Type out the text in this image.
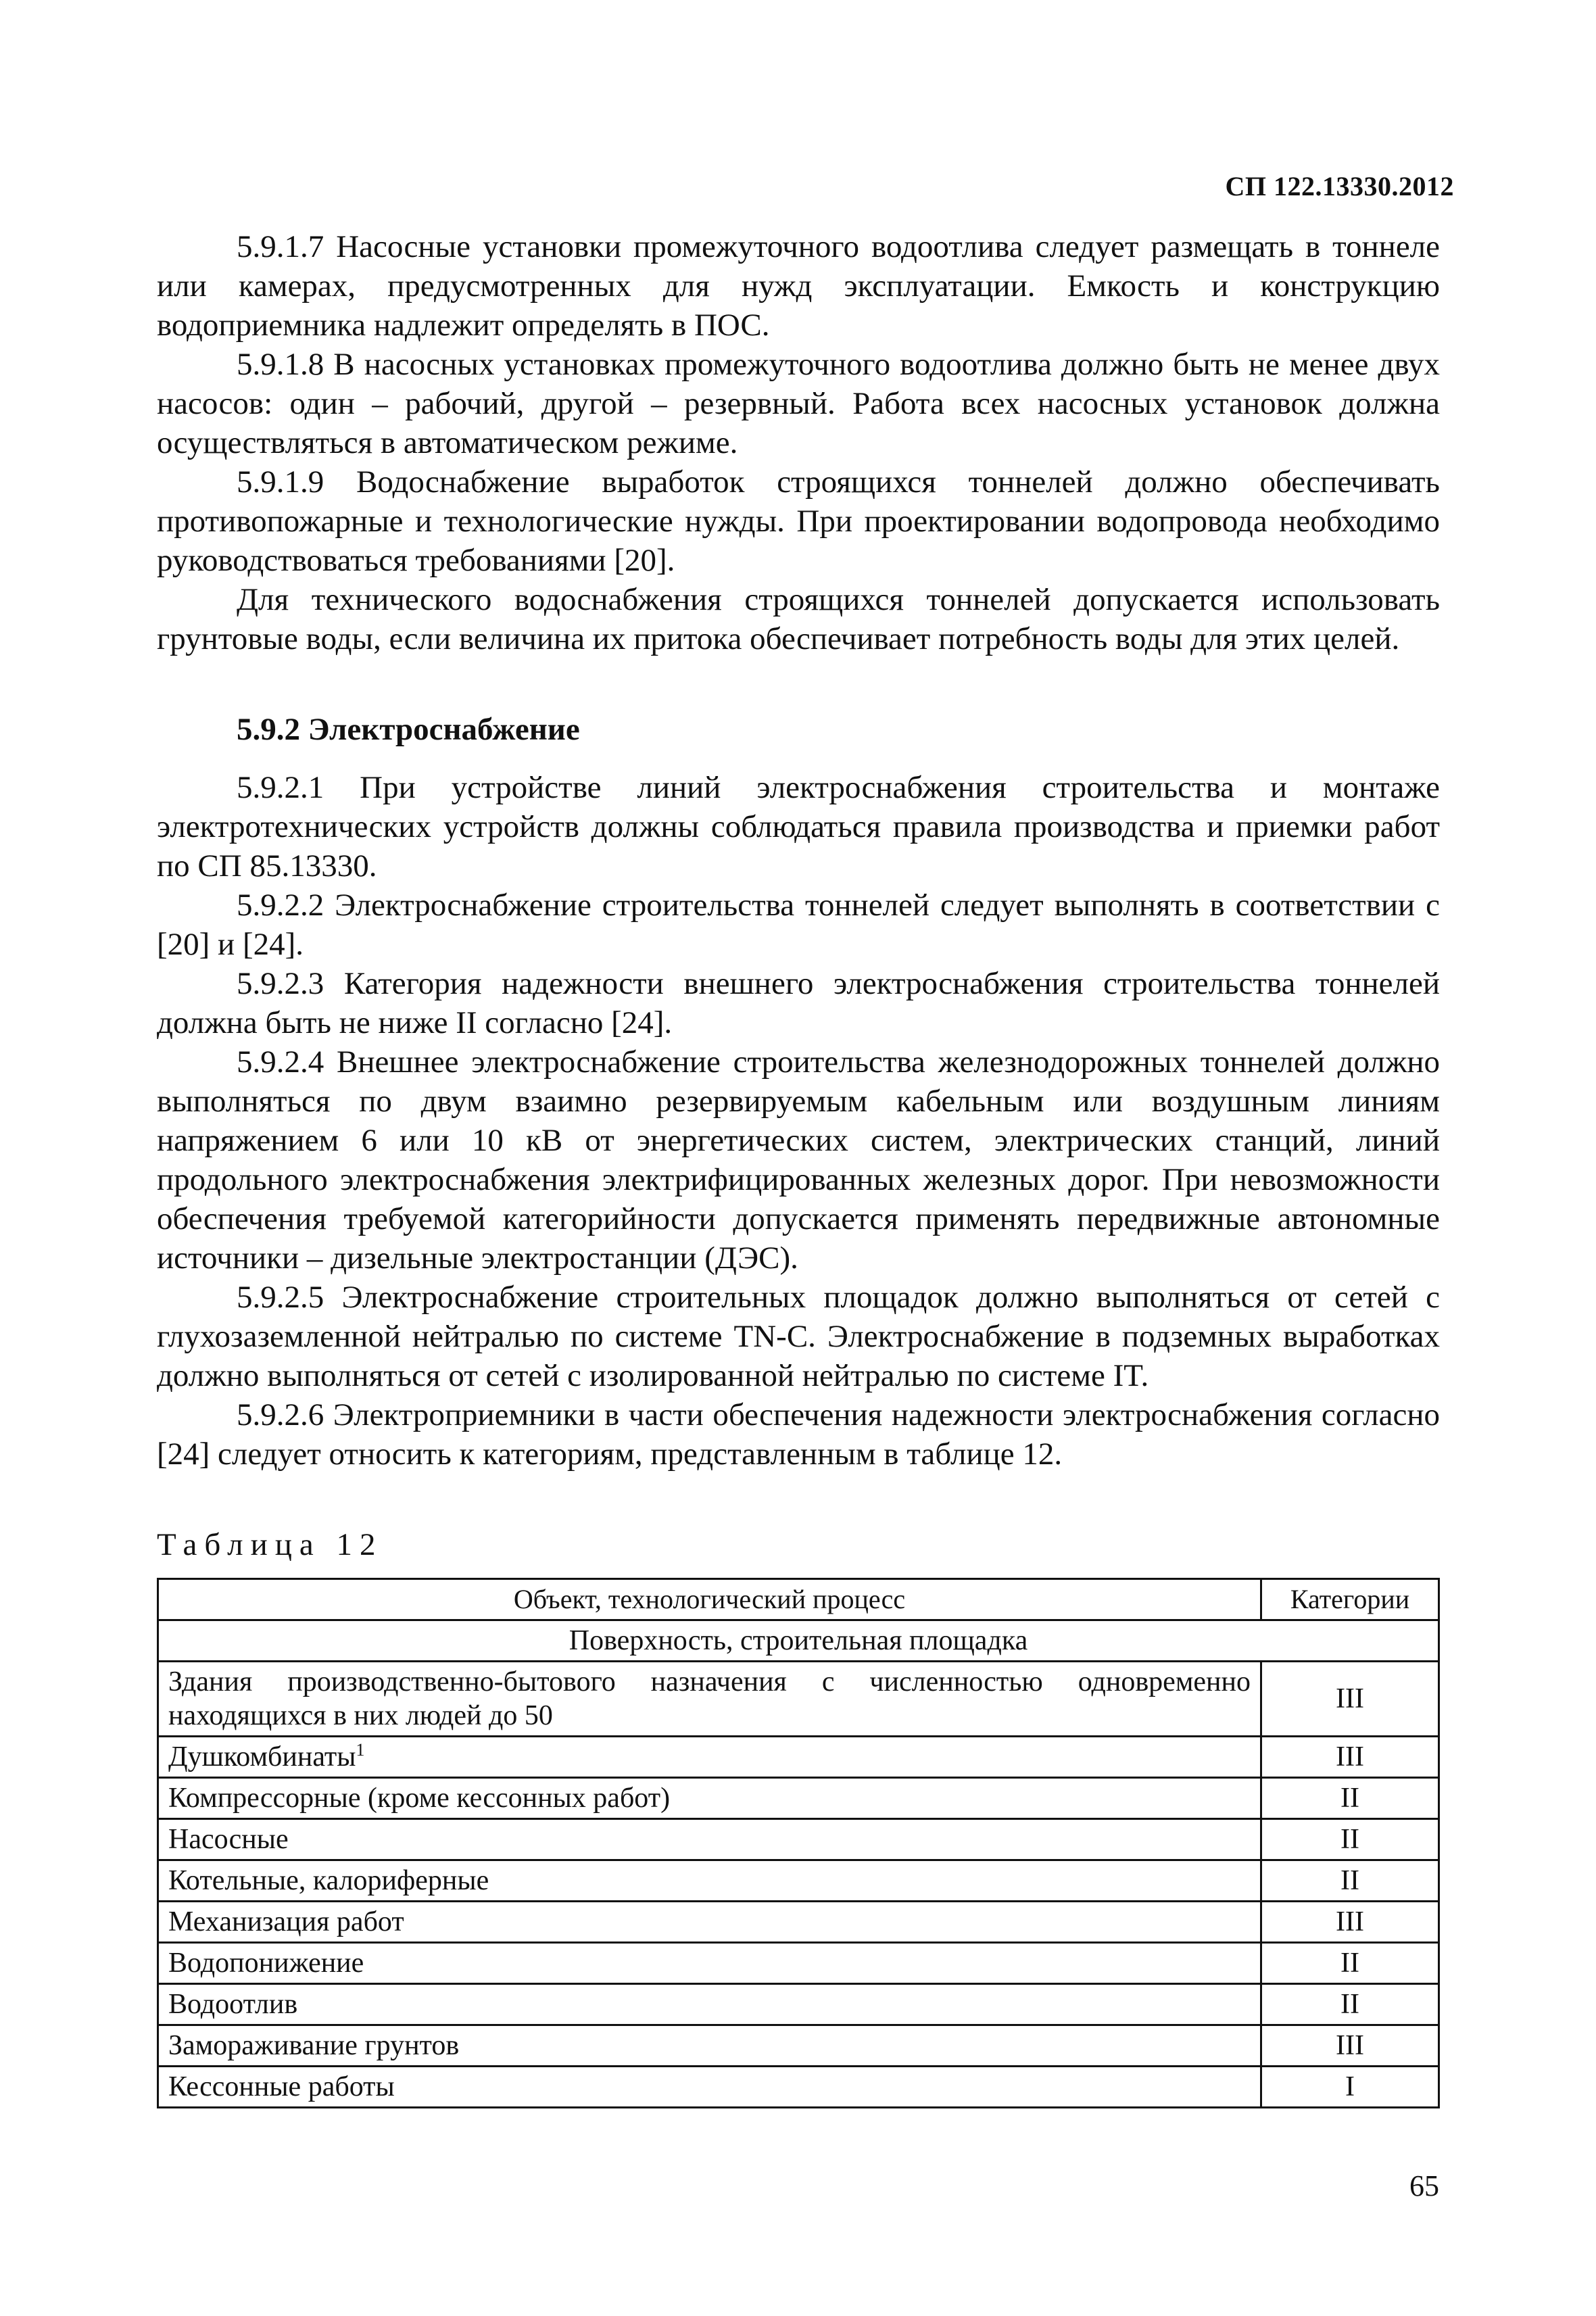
СП 122.13330.2012

5.9.1.7 Насосные установки промежуточного водоотлива следует размещать в тоннеле или камерах, предусмотренных для нужд эксплуатации. Емкость и конструкцию водоприемника надлежит определять в ПОС.

5.9.1.8 В насосных установках промежуточного водоотлива должно быть не менее двух насосов: один – рабочий, другой – резервный. Работа всех насосных установок должна осуществляться в автоматическом режиме.

5.9.1.9 Водоснабжение выработок строящихся тоннелей должно обеспечивать противопожарные и технологические нужды. При проектировании водопровода необходимо руководствоваться требованиями [20].

Для технического водоснабжения строящихся тоннелей допускается использовать грунтовые воды, если величина их притока обеспечивает потребность воды для этих целей.

5.9.2 Электроснабжение

5.9.2.1 При устройстве линий электроснабжения строительства и монтаже электротехнических устройств должны соблюдаться правила производства и приемки работ по СП 85.13330.

5.9.2.2 Электроснабжение строительства тоннелей следует выполнять в соответствии с [20] и [24].

5.9.2.3 Категория надежности внешнего электроснабжения строительства тоннелей должна быть не ниже II согласно [24].

5.9.2.4 Внешнее электроснабжение строительства железнодорожных тоннелей должно выполняться по двум взаимно резервируемым кабельным или воздушным линиям напряжением 6 или 10 кВ от энергетических систем, электрических станций, линий продольного электроснабжения электрифицированных железных дорог. При невозможности обеспечения требуемой категорийности допускается применять передвижные автономные источники – дизельные электростанции (ДЭС).

5.9.2.5 Электроснабжение строительных площадок должно выполняться от сетей с глухозаземленной нейтралью по системе TN-C. Электроснабжение в подземных выработках должно выполняться от сетей с изолированной нейтралью по системе IT.

5.9.2.6 Электроприемники в части обеспечения надежности электроснабжения согласно [24] следует относить к категориям, представленным в таблице 12.

Таблица 12
Объект, технологический процесс	Категории
Поверхность, строительная площадка	
Здания производственно-бытового назначения с численностью одновременно находящихся в них людей до 50	III
Душкомбинаты$^1$	III
Компрессорные (кроме кессонных работ)	II
Насосные	II
Котельные, калориферные	II
Механизация работ	III
Водопонижение	II
Водоотлив	II
Замораживание грунтов	III
Кессонные работы	I
65
